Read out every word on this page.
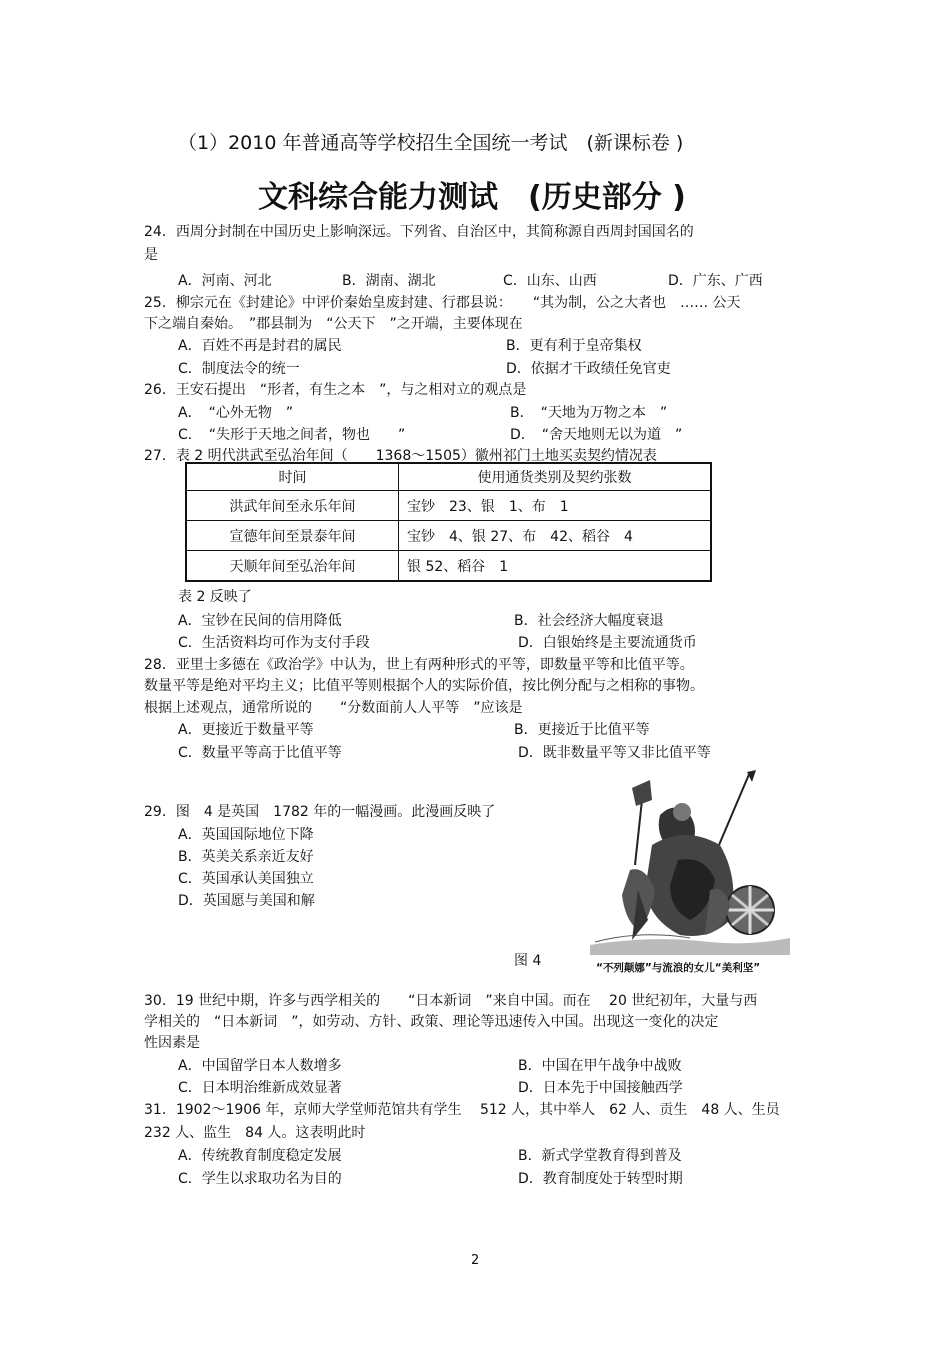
（1）2010 年普通高等学校招生全国统一考试　(新课标卷 )
文科综合能力测试　(历史部分 )
24．西周分封制在中国历史上影响深远。下列省、自治区中，其简称源自西周封国国名的
是
A．河南、河北	B．湖南、湖北	C．山东、山西	D．广东、广西
25．柳宗元在《封建论》中评价秦始皇废封建、行郡县说：　　“其为制，公之大者也　…… 公天
下之端自秦始。　”郡县制为　“公天下　”之开端，主要体现在
A．百姓不再是封君的属民	B．更有利于皇帝集权
C．制度法令的统一	D．依据才干政绩任免官吏
26．王安石提出　“形者，有生之本　”，与之相对立的观点是
A．　“心外无物　”	B．　“天地为万物之本　”
C．　“失形于天地之间者，物也　　”	D．　“舍天地则无以为道　”
27．表 2 明代洪武至弘治年间（　　1368～1505）徽州祁门土地买卖契约情况表
时间	使用通货类别及契约张数
洪武年间至永乐年间	宝钞　23、银　1、布　1
宣德年间至景泰年间	宝钞　4、银 27、布　42、稻谷　4
天顺年间至弘治年间	银 52、稻谷　1
表 2 反映了
A．宝钞在民间的信用降低	B．社会经济大幅度衰退
C．生活资料均可作为支付手段	D．白银始终是主要流通货币
28．亚里士多德在《政治学》中认为，世上有两种形式的平等，即数量平等和比值平等。
数量平等是绝对平均主义；比值平等则根据个人的实际价值，按比例分配与之相称的事物。
根据上述观点，通常所说的　　“分数面前人人平等　”应该是
A．更接近于数量平等	B．更接近于比值平等
C．数量平等高于比值平等	D．既非数量平等又非比值平等
29．图　4 是英国　1782 年的一幅漫画。此漫画反映了
A．英国国际地位下降
B．英美关系亲近友好
C．英国承认美国独立
D．英国愿与美国和解
图 4	“不列颠娜”与流浪的女儿“美利坚”
30．19 世纪中期，许多与西学相关的　　“日本新词　”来自中国。而在　 20 世纪初年，大量与西
学相关的　“日本新词　”，如劳动、方针、政策、理论等迅速传入中国。出现这一变化的决定
性因素是
A．中国留学日本人数增多	B．中国在甲午战争中战败
C．日本明治维新成效显著	D．日本先于中国接触西学
31．1902～1906 年，京师大学堂师范馆共有学生　 512 人，其中举人　62 人、贡生　48 人、生员
232 人、监生　84 人。这表明此时
A．传统教育制度稳定发展	B．新式学堂教育得到普及
C．学生以求取功名为目的	D．教育制度处于转型时期
2
